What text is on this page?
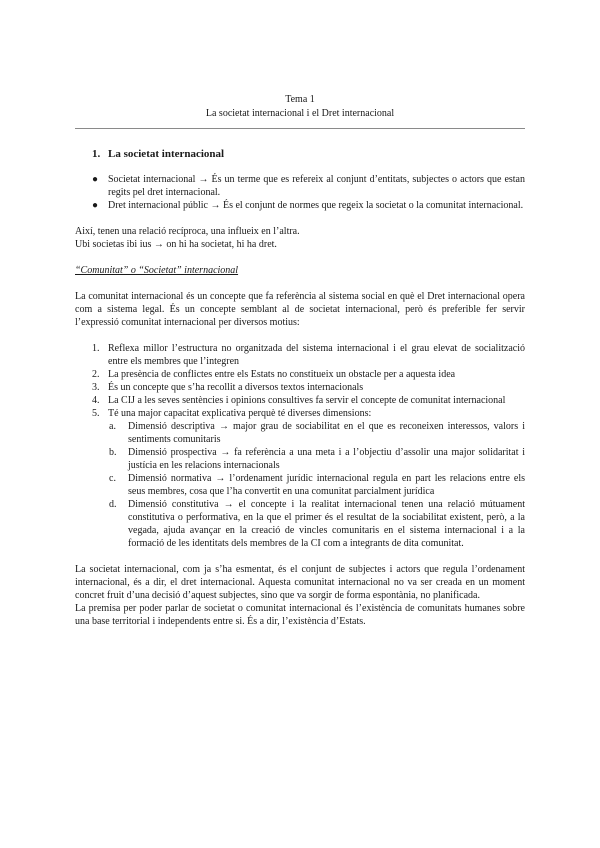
Tema 1
La societat internacional i el Dret internacional
1. La societat internacional
● Societat internacional → És un terme que es refereix al conjunt d’entitats, subjectes o actors que estan regits pel dret internacional.
● Dret internacional públic → És el conjunt de normes que regeix la societat o la comunitat internacional.

Així, tenen una relació recíproca, una influeix en l’altra.

Ubi societas ibi ius → on hi ha societat, hi ha dret.

“Comunitat” o “Societat” internacional

La comunitat internacional és un concepte que fa referència al sistema social en què el Dret internacional opera com a sistema legal. És un concepte semblant al de societat internacional, però és preferible fer servir l’expressió comunitat internacional per diversos motius:

1. Reflexa millor l’estructura no organitzada del sistema internacional i el grau elevat de socialització entre els membres que l’integren
2. La presència de conflictes entre els Estats no constitueix un obstacle per a aquesta idea
3. És un concepte que s’ha recollit a diversos textos internacionals
4. La CIJ a les seves sentències i opinions consultives fa servir el concepte de comunitat internacional
5. Té una major capacitat explicativa perquè té diverses dimensions:
a.	Dimensió descriptiva → major grau de sociabilitat en el que es reconeixen interessos, valors i sentiments comunitaris
b.	Dimensió prospectiva → fa referència a una meta i a l’objectiu d’assolir una major solidaritat i justícia en les relacions internacionals
c.	Dimensió normativa → l’ordenament jurídic internacional regula en part les relacions entre els seus membres, cosa que l’ha convertit en una comunitat parcialment jurídica
d.	Dimensió constitutiva → el concepte i la realitat internacional tenen una relació mútuament constitutiva o performativa, en la que el primer és el resultat de la sociabilitat existent, però, a la vegada, ajuda avançar en la creació de vincles comunitaris en el sistema internacional i a la formació de les identitats dels membres de la CI com a integrants de dita comunitat.

La societat internacional, com ja s’ha esmentat, és el conjunt de subjectes i actors que regula l’ordenament internacional, és a dir, el dret internacional. Aquesta comunitat internacional no va ser creada en un moment concret fruit d’una decisió d’aquest subjectes, sino que va sorgir de forma espontània, no planificada.

La premisa per poder parlar de societat o comunitat internacional és l’existència de comunitats humanes sobre una base territorial i independents entre si. És a dir, l’existència d’Estats.
